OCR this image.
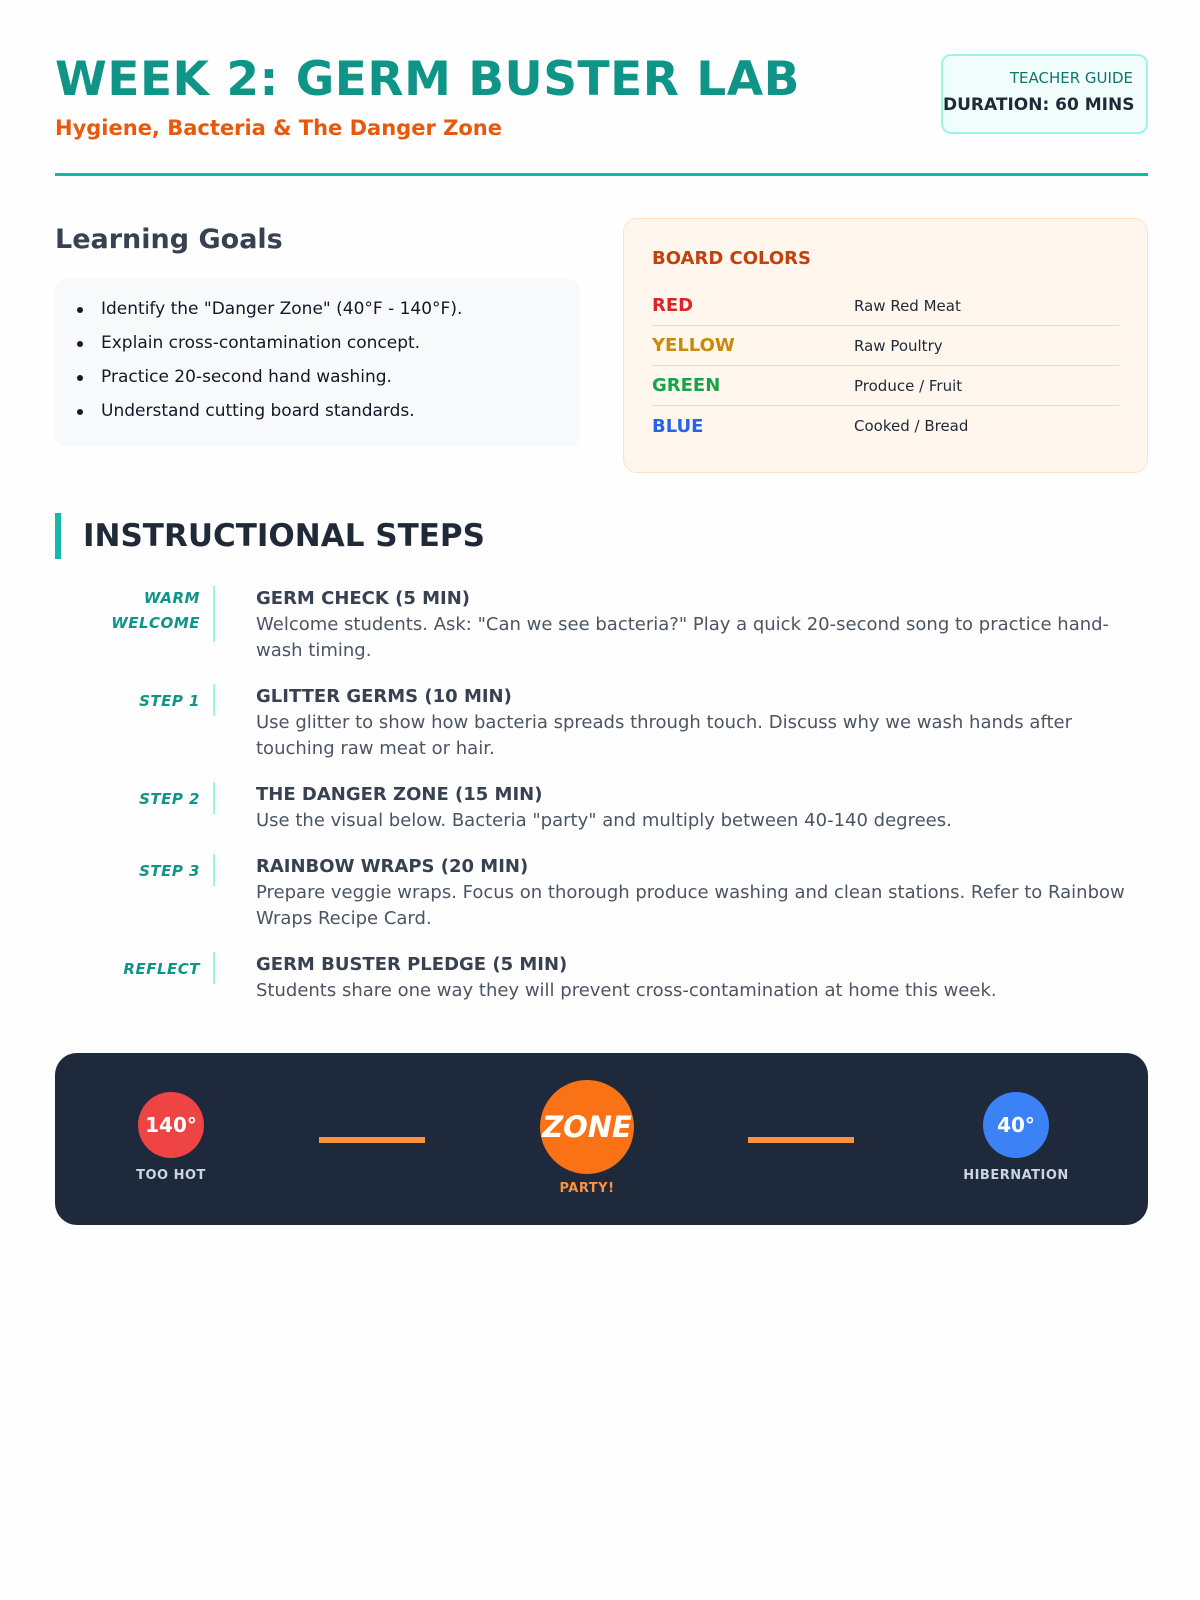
WEEK 2: GERM BUSTER LAB
Hygiene, Bacteria & The Danger Zone
TEACHER GUIDE
DURATION: 60 MINS
Learning Goals
Identify the "Danger Zone" (40°F - 140°F).
Explain cross-contamination concept.
Practice 20-second hand washing.
Understand cutting board standards.
BOARD COLORS
RED	Raw Red Meat
YELLOW	Raw Poultry
GREEN	Produce / Fruit
BLUE	Cooked / Bread
INSTRUCTIONAL STEPS
WARM WELCOME
GERM CHECK (5 MIN)
Welcome students. Ask: "Can we see bacteria?" Play a quick 20-second song to practice hand-wash timing.
STEP 1	GLITTER GERMS (10 MIN)
Use glitter to show how bacteria spreads through touch. Discuss why we wash hands after touching raw meat or hair.
STEP 2	THE DANGER ZONE (15 MIN)
Use the visual below. Bacteria "party" and multiply between 40-140 degrees.
STEP 3	RAINBOW WRAPS (20 MIN)
Prepare veggie wraps. Focus on thorough produce washing and clean stations. Refer to Rainbow Wraps Recipe Card.
REFLECT	GERM BUSTER PLEDGE (5 MIN)
Students share one way they will prevent cross-contamination at home this week.
140°
TOO HOT
ZONE
PARTY!
40°
HIBERNATION
